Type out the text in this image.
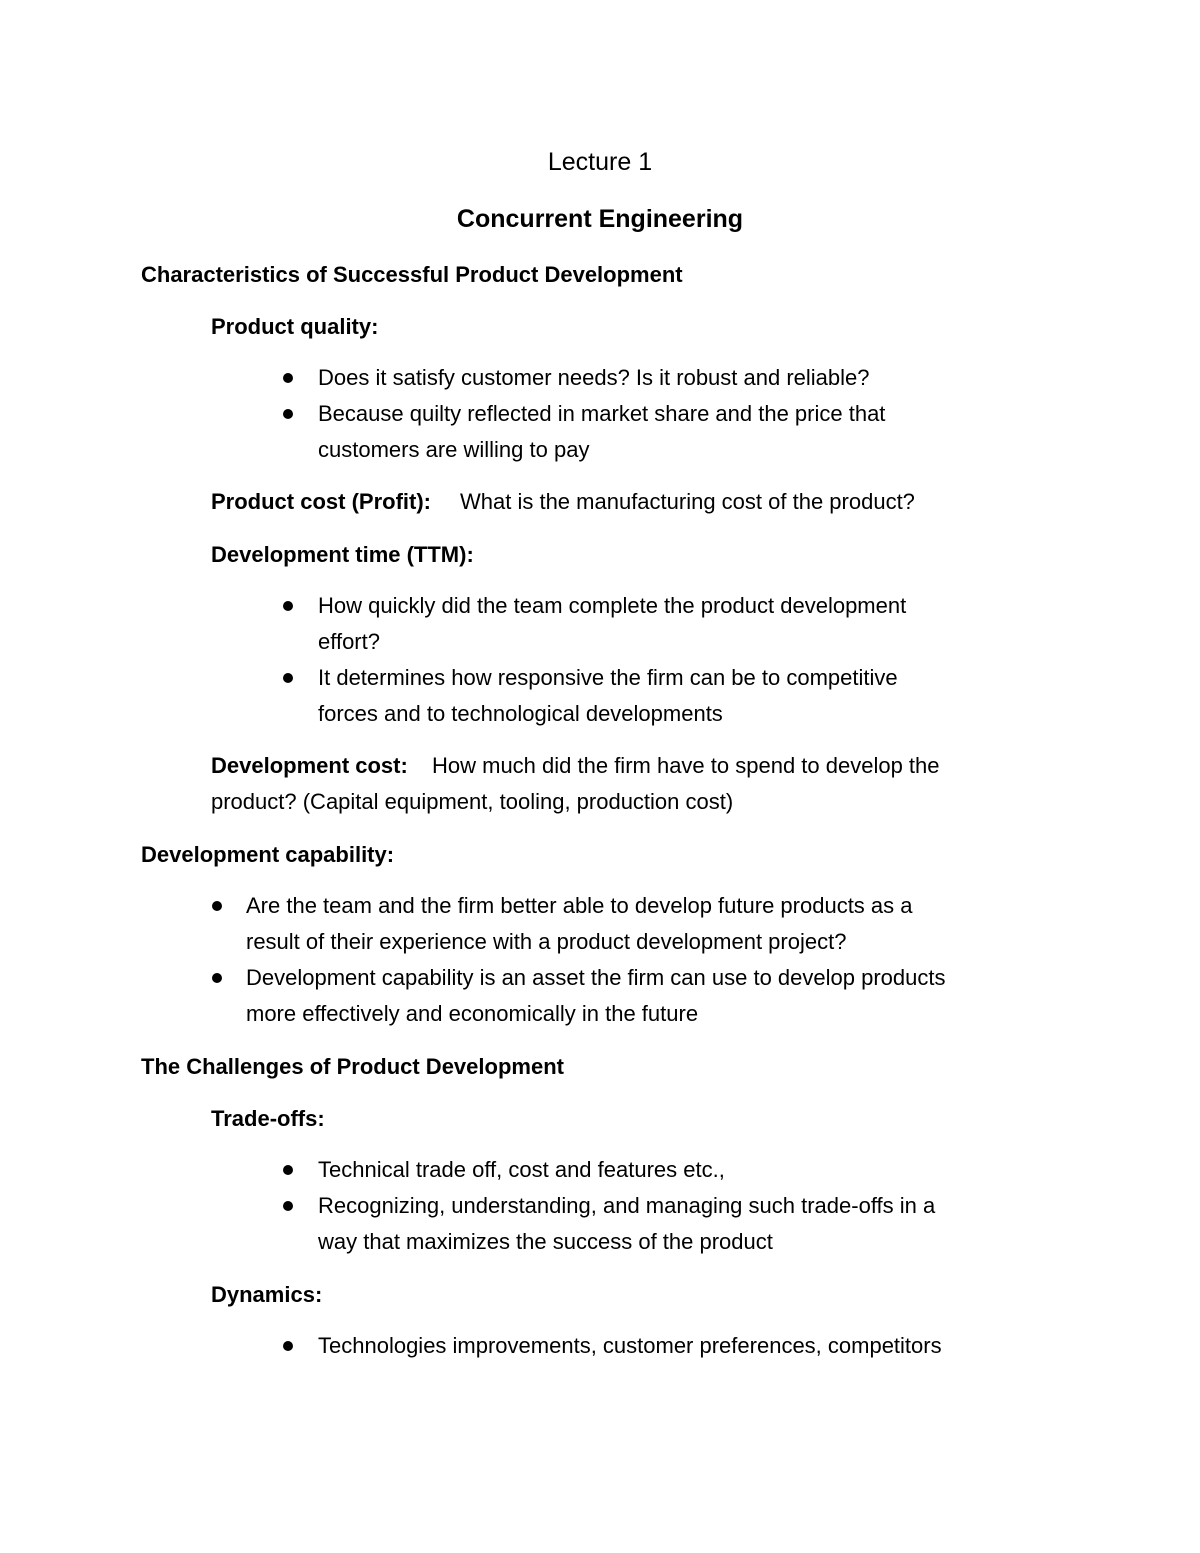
Lecture 1
Concurrent Engineering
Characteristics of Successful Product Development
Product quality:
Does it satisfy customer needs? Is it robust and reliable?
Because quilty reflected in market share and the price that
customers are willing to pay
Product cost (Profit): What is the manufacturing cost of the product?
Development time (TTM):
How quickly did the team complete the product development
effort?
It determines how responsive the firm can be to competitive
forces and to technological developments
Development cost: How much did the firm have to spend to develop the
product? (Capital equipment, tooling, production cost)
Development capability:
Are the team and the firm better able to develop future products as a
result of their experience with a product development project?
Development capability is an asset the firm can use to develop products
more effectively and economically in the future
The Challenges of Product Development
Trade-offs:
Technical trade off, cost and features etc.,
Recognizing, understanding, and managing such trade-offs in a
way that maximizes the success of the product
Dynamics:
Technologies improvements, customer preferences, competitors
